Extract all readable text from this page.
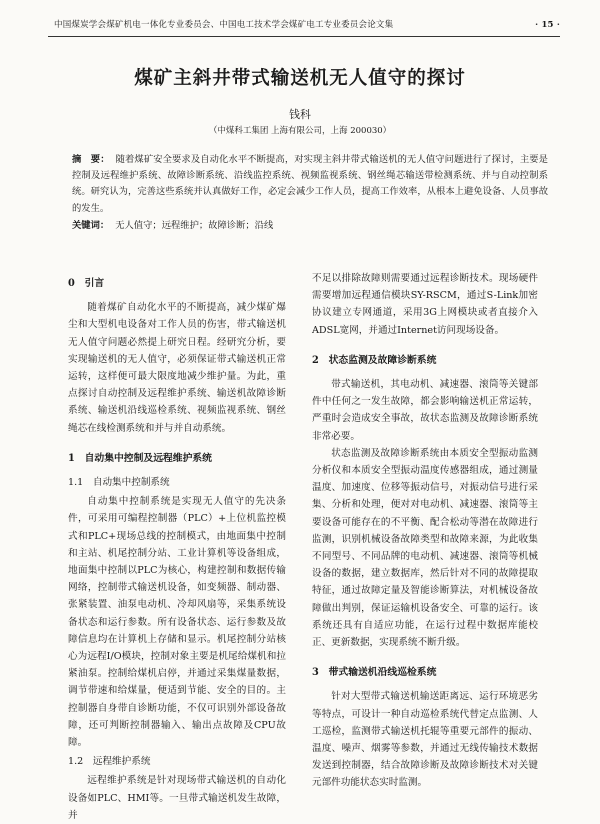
中国煤炭学会煤矿机电一体化专业委员会、中国电工技术学会煤矿电工专业委员会论文集	· 15 ·
煤矿主斜井带式输送机无人值守的探讨
钱科
（中煤科工集团 上海有限公司，上海 200030）
摘　要： 随着煤矿安全要求及自动化水平不断提高，对实现主斜井带式输送机的无人值守问题进行了探讨，主要是控制及远程维护系统、故障诊断系统、沿线监控系统、视频监视系统、钢丝绳芯输送带检测系统、并与自动控制系统。研究认为，完善这些系统并认真做好工作，必定会减少工作人员，提高工作效率，从根本上避免设备、人员事故的发生。
关键词： 无人值守；远程维护；故障诊断；沿线
0　引言

随着煤矿自动化水平的不断提高，减少煤矿爆尘和大型机电设备对工作人员的伤害，带式输送机无人值守问题必然提上研究日程。经研究分析，要实现输送机的无人值守，必须保证带式输送机正常运转，这样便可最大限度地减少维护量。为此，重点探讨自动控制及远程维护系统、输送机故障诊断系统、输送机沿线巡检系统、视频监视系统、钢丝绳芯在线检测系统和并与并自动系统。

1　自动集中控制及远程维护系统
1.1　自动集中控制系统

自动集中控制系统是实现无人值守的先决条件，可采用可编程控制器（PLC）+上位机监控模式和PLC+现场总线的控制模式，由地面集中控制和主站、机尾控制分站、工业计算机等设备组成，地面集中控制以PLC为核心，构建控制和数据传输网络，控制带式输送机设备，如变频器、制动器、张紧装置、油泵电动机、冷却风扇等，采集系统设备状态和运行参数。所有设备状态、运行参数及故障信息均在计算机上存储和显示。机尾控制分站核心为远程I/O模块，控制对象主要是机尾给煤机和拉紧油泵。控制给煤机启停，并通过采集煤量数据，调节带速和给煤量，便适到节能、安全的目的。主控制器自身带自诊断功能，不仅可识别外部设备故障，还可判断控制器输入、输出点故障及CPU故障。

1.2　远程维护系统

远程维护系统是针对现场带式输送机的自动化设备如PLC、HMI等。一旦带式输送机发生故障，并

不足以排除故障则需要通过远程诊断技术。现场硬件需要增加远程通信模块SY-RSCM，通过S-Link加密协议建立专网通道，采用3G上网模块或者直接介入ADSL宽网，并通过Internet访问现场设备。

2　状态监测及故障诊断系统

带式输送机，其电动机、减速器、滚筒等关键部件中任何之一发生故障，都会影响输送机正常运转，严重时会造成安全事故，故状态监测及故障诊断系统非常必要。

状态监测及故障诊断系统由本质安全型振动监测分析仪和本质安全型振动温度传感器组成，通过测量温度、加速度、位移等振动信号，对振动信号进行采集、分析和处理，便对对电动机、减速器、滚筒等主要设备可能存在的不平衡、配合松动等潜在故障进行监测，识别机械设备故障类型和故障来源，为此收集不同型号、不同品牌的电动机、减速器、滚筒等机械设备的数据，建立数据库，然后针对不同的故障提取特征，通过故障定量及智能诊断算法，对机械设备故障做出判别，保证运输机设备安全、可靠的运行。该系统还具有自适应功能，在运行过程中数据库能校正、更新数据，实现系统不断升级。

3　带式输送机沿线巡检系统

针对大型带式输送机输送距离远、运行环境恶劣等特点，可设计一种自动巡检系统代替定点监测、人工巡检，监测带式输送机托辊等重要元部件的振动、温度、噪声、烟雾等参数，并通过无线传输技术数据发送到控制器，结合故障诊断及故障诊断技术对关键元部件功能状态实时监测。
